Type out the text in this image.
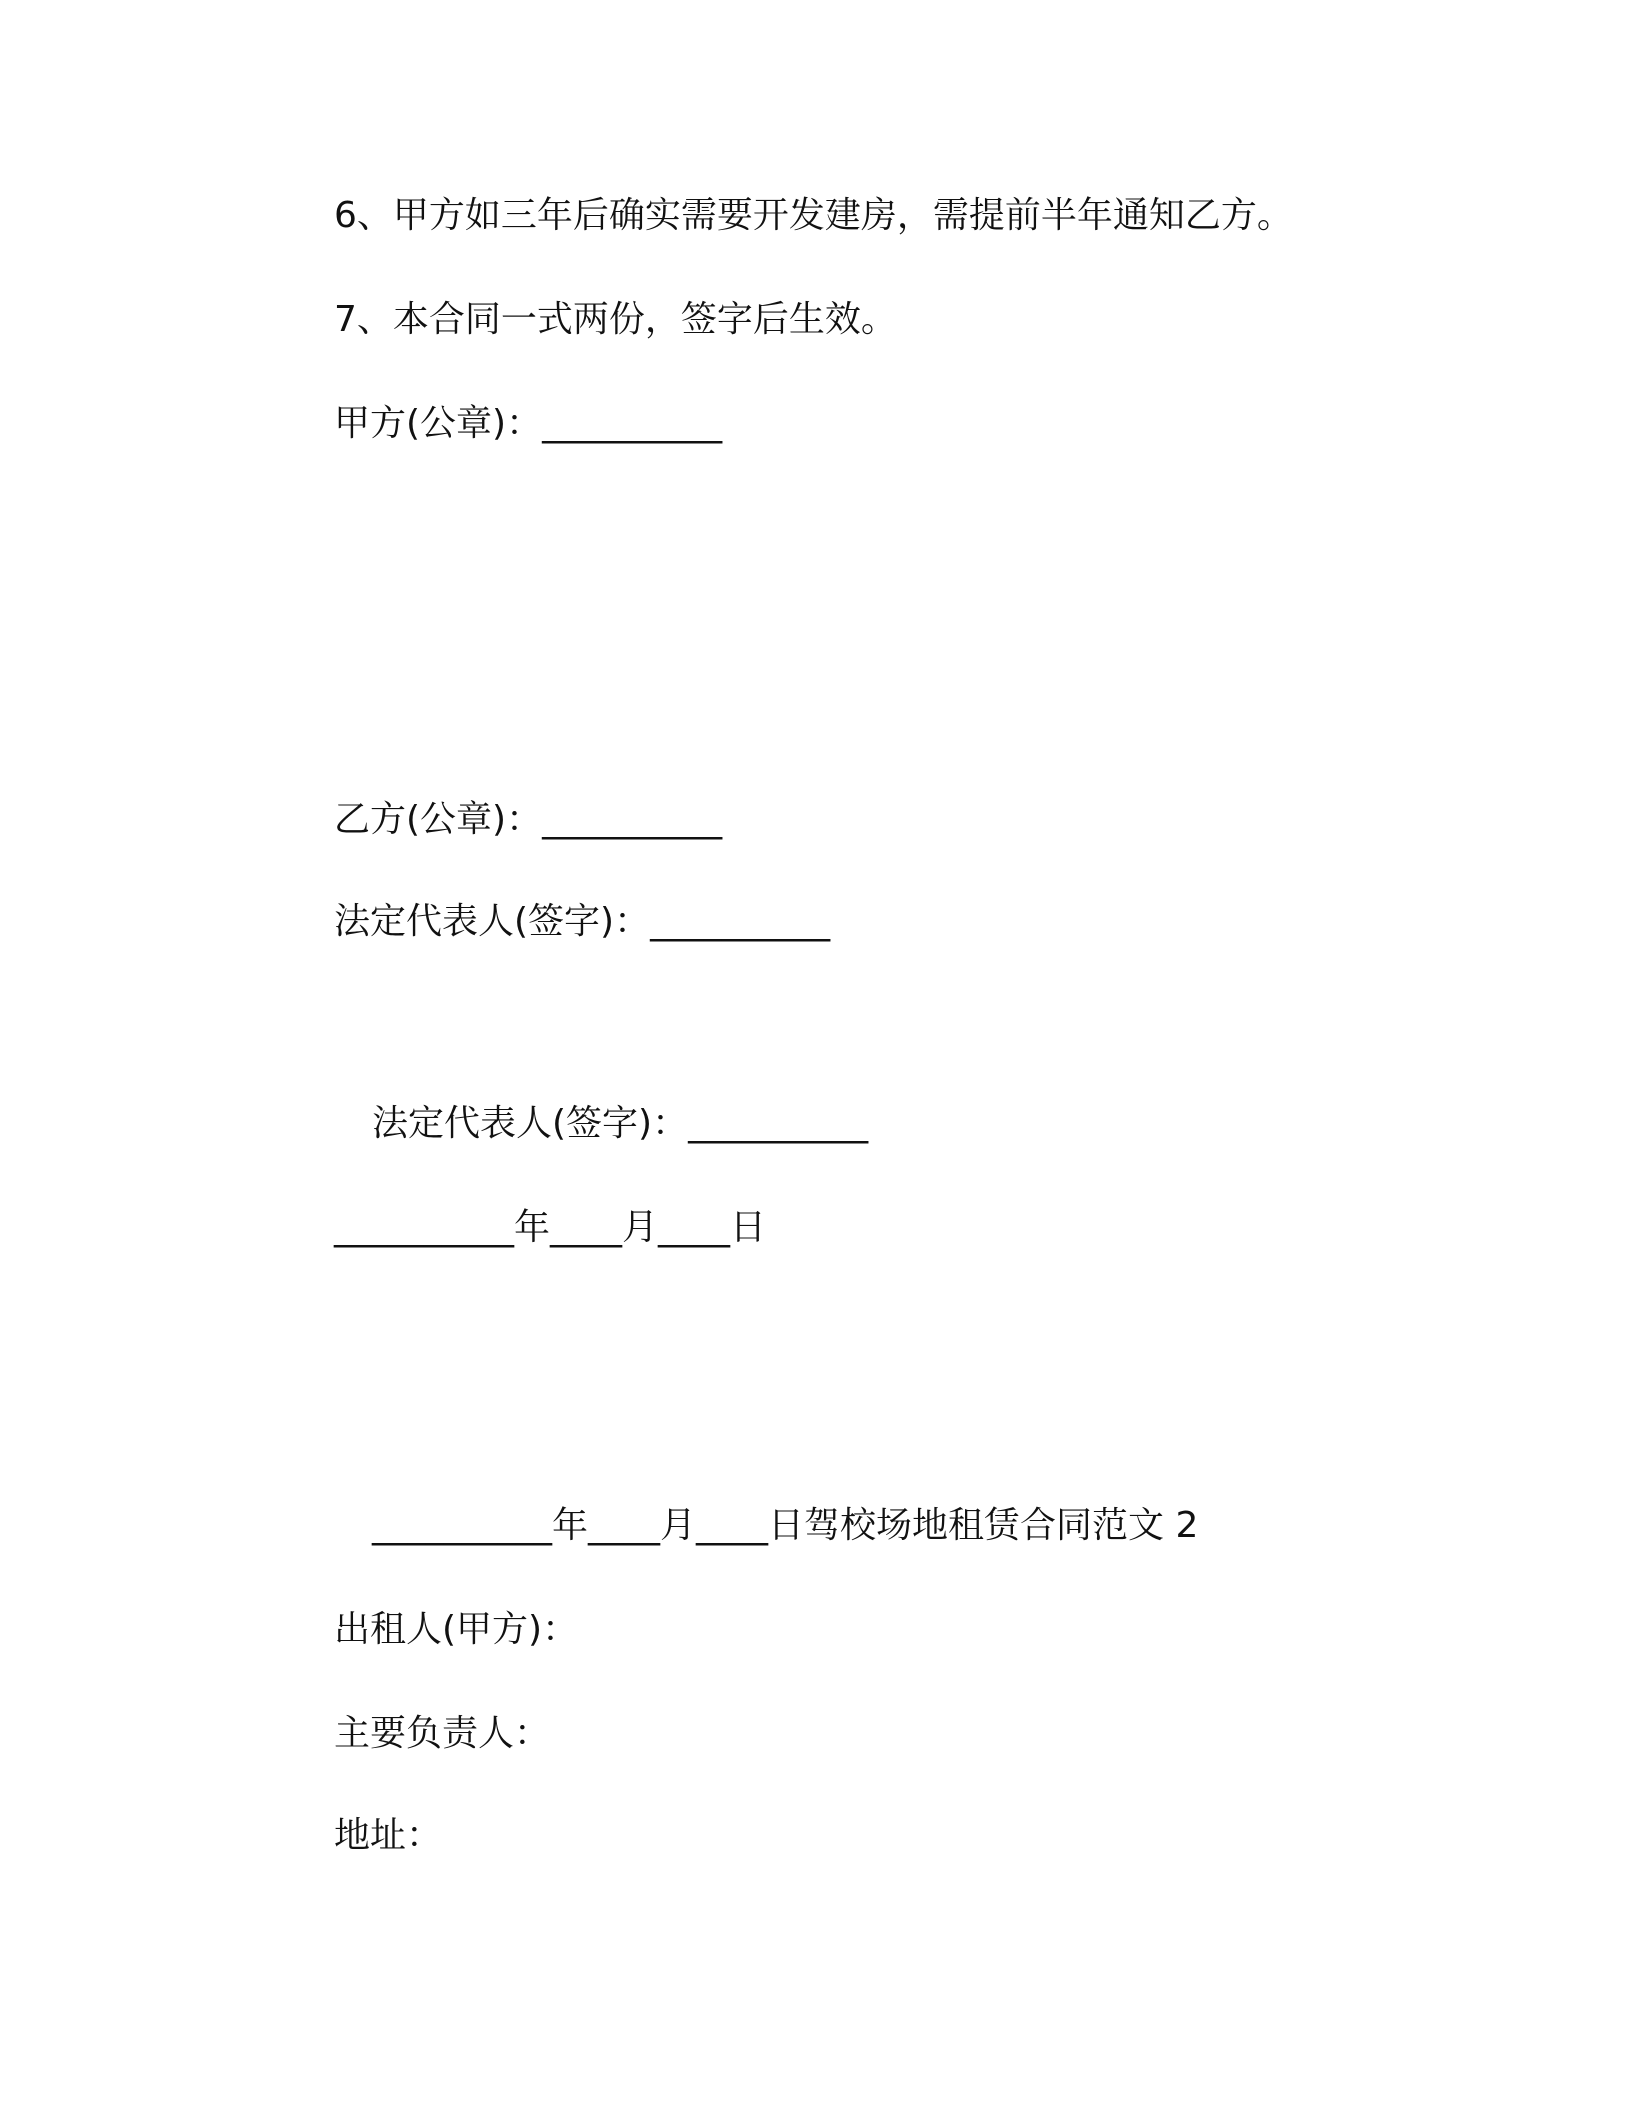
6、甲方如三年后确实需要开发建房，需提前半年通知乙方。
7、本合同一式两份，签字后生效。
甲方(公章)：__________
乙方(公章)：__________
法定代表人(签字)：__________
法定代表人(签字)：__________
__________年____月____日
__________年____月____日驾校场地租赁合同范文 2
出租人(甲方)：
主要负责人：
地址：
